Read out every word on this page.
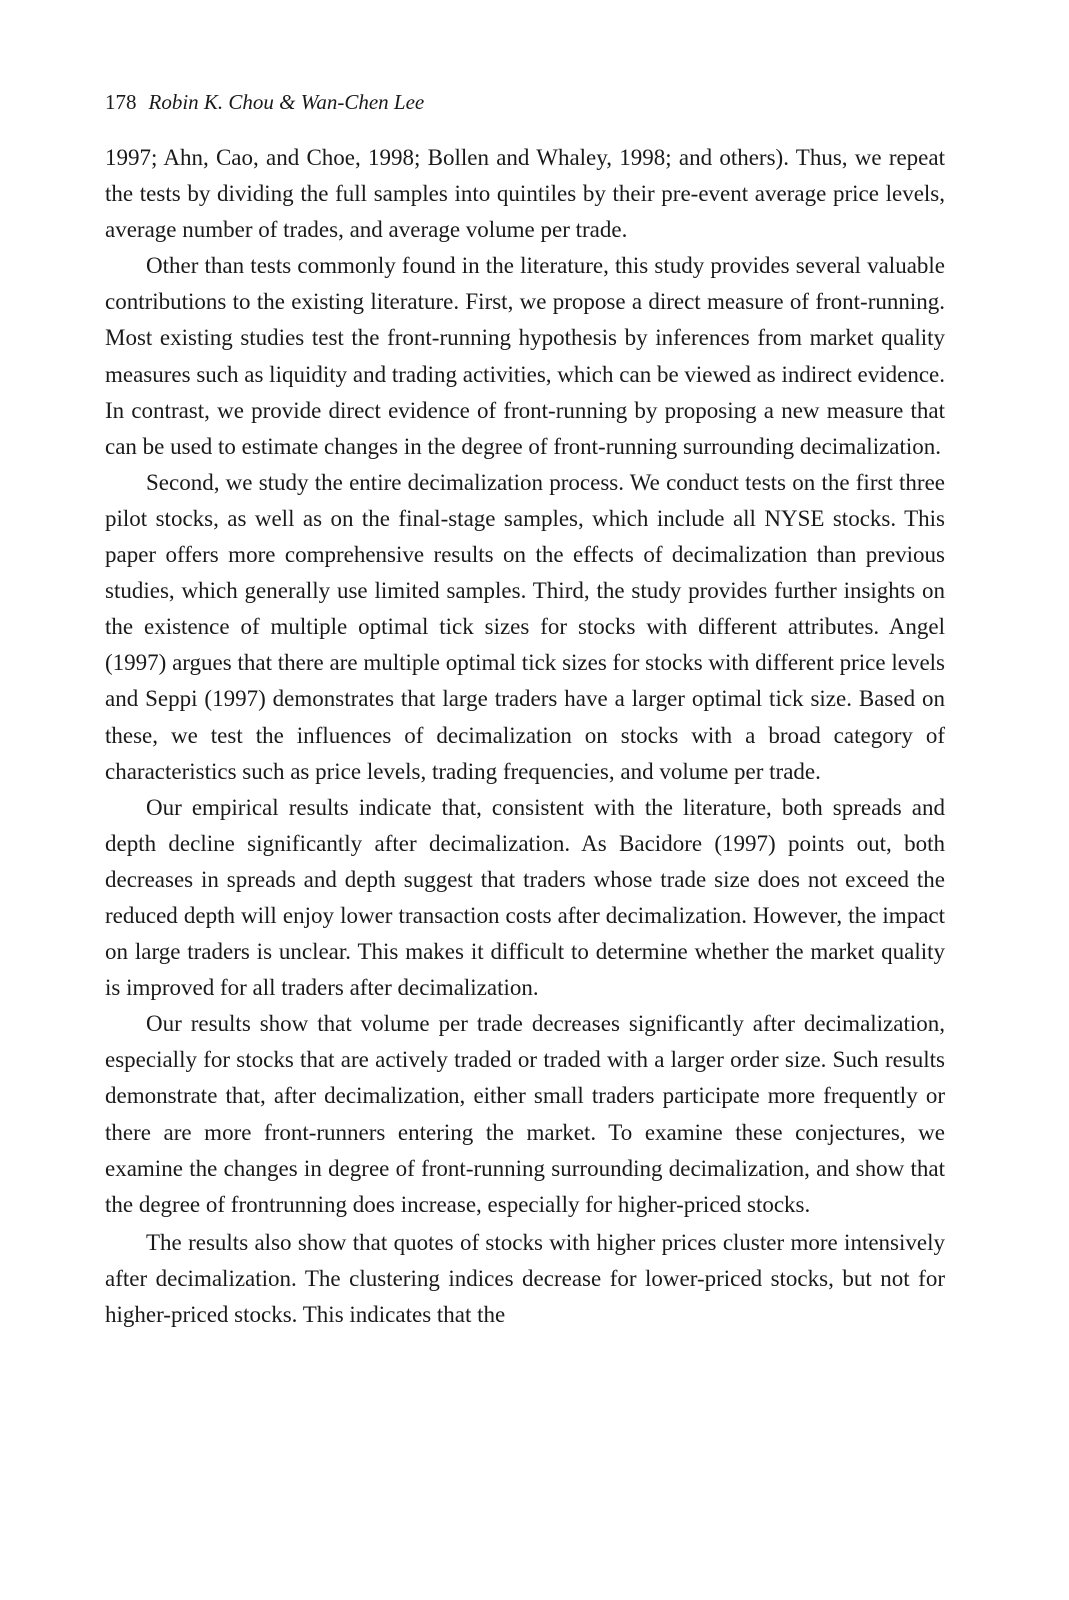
178 Robin K. Chou & Wan-Chen Lee

1997; Ahn, Cao, and Choe, 1998; Bollen and Whaley, 1998; and others). Thus, we repeat the tests by dividing the full samples into quintiles by their pre-event average price levels, average number of trades, and average volume per trade.

Other than tests commonly found in the literature, this study provides several valuable contributions to the existing literature. First, we propose a direct measure of front-running. Most existing studies test the front-running hypothesis by inferences from market quality measures such as liquidity and trading activities, which can be viewed as indirect evidence. In contrast, we provide direct evidence of front-running by proposing a new measure that can be used to estimate changes in the degree of front-running surrounding decimalization.

Second, we study the entire decimalization process. We conduct tests on the first three pilot stocks, as well as on the final-stage samples, which include all NYSE stocks. This paper offers more comprehensive results on the effects of decimalization than previous studies, which generally use limited samples. Third, the study provides further insights on the existence of multiple optimal tick sizes for stocks with different attributes. Angel (1997) argues that there are multiple optimal tick sizes for stocks with different price levels and Seppi (1997) demonstrates that large traders have a larger optimal tick size. Based on these, we test the influences of decimalization on stocks with a broad category of characteristics such as price levels, trading frequencies, and volume per trade.

Our empirical results indicate that, consistent with the literature, both spreads and depth decline significantly after decimalization. As Bacidore (1997) points out, both decreases in spreads and depth suggest that traders whose trade size does not exceed the reduced depth will enjoy lower transaction costs after decimalization. However, the impact on large traders is unclear. This makes it difficult to determine whether the market quality is improved for all traders after decimalization.

Our results show that volume per trade decreases significantly after decimalization, especially for stocks that are actively traded or traded with a larger order size. Such results demonstrate that, after decimalization, either small traders participate more frequently or there are more front-runners entering the market. To examine these conjectures, we examine the changes in degree of front-running surrounding decimalization, and show that the degree of frontrunning does increase, especially for higher-priced stocks.

The results also show that quotes of stocks with higher prices cluster more intensively after decimalization. The clustering indices decrease for lower-priced stocks, but not for higher-priced stocks. This indicates that the
